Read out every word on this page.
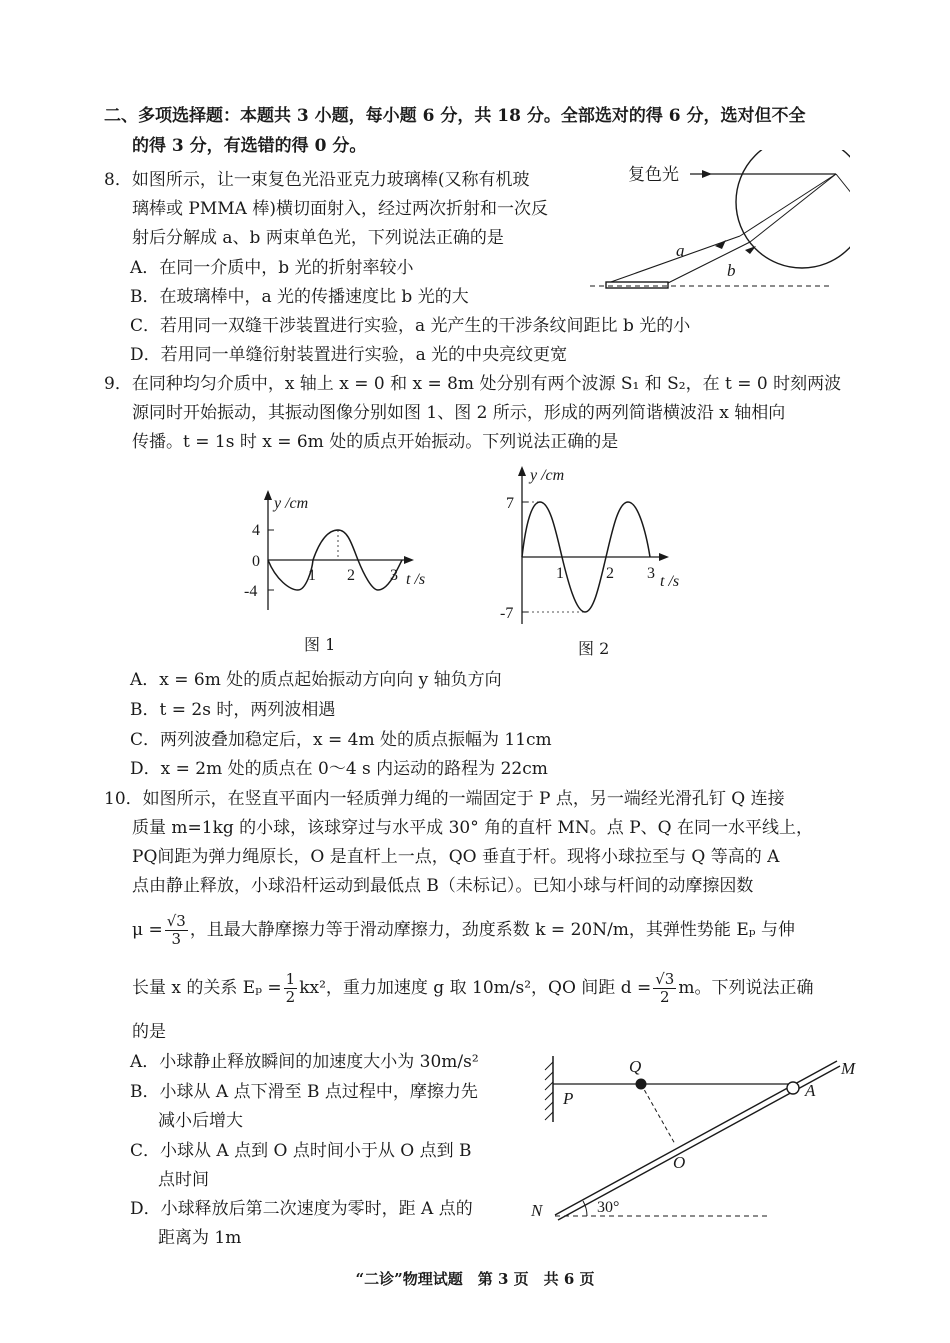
二、多项选择题：本题共 3 小题，每小题 6 分，共 18 分。全部选对的得 6 分，选对但不全
的得 3 分，有选错的得 0 分。
8．如图所示，让一束复色光沿亚克力玻璃棒(又称有机玻
璃棒或 PMMA 棒)横切面射入，经过两次折射和一次反
射后分解成 a、b 两束单色光，下列说法正确的是
A．在同一介质中，b 光的折射率较小
B．在玻璃棒中，a 光的传播速度比 b 光的大
C．若用同一双缝干涉装置进行实验，a 光产生的干涉条纹间距比 b 光的小
D．若用同一单缝衍射装置进行实验，a 光的中央亮纹更宽
复色光
a
b
9．在同种均匀介质中，x 轴上 x = 0 和 x = 8m 处分别有两个波源 S₁ 和 S₂，在 t = 0 时刻两波
源同时开始振动，其振动图像分别如图 1、图 2 所示，形成的两列简谐横波沿 x 轴相向
传播。t = 1s 时 x = 6m 处的质点开始振动。下列说法正确的是
y /cm
t /s
4
0
-4
1 2 3
图 1
y /cm
t /s
7
-7
1	2 3
图 2
A．x = 6m 处的质点起始振动方向向 y 轴负方向
B．t = 2s 时，两列波相遇
C．两列波叠加稳定后，x = 4m 处的质点振幅为 11cm
D．x = 2m 处的质点在 0～4 s 内运动的路程为 22cm
10．如图所示，在竖直平面内一轻质弹力绳的一端固定于 P 点，另一端经光滑孔钉 Q 连接
质量 m=1kg 的小球，该球穿过与水平成 30° 角的直杆 MN。点 P、Q 在同一水平线上，
PQ间距为弹力绳原长，O 是直杆上一点，QO 垂直于杆。现将小球拉至与 Q 等高的 A
点由静止释放，小球沿杆运动到最低点 B（未标记）。已知小球与杆间的动摩擦因数
$\mu = \frac{√3}{3}$ ，且最大静摩擦力等于滑动摩擦力，劲度系数 k = 20N/m，其弹性势能 Eₚ 与伸
长量 x 的关系 $E_p = \frac{1}{2} kx^2$，重力加速度 g 取 10m/s²，QO 间距 $d = \frac{√3}{2}$ m。下列说法正确
的是
A．小球静止释放瞬间的加速度大小为 30m/s²
B．小球从 A 点下滑至 B 点过程中，摩擦力先
减小后增大
C．小球从 A 点到 O 点时间小于从 O 点到 B
点时间
D．小球释放后第二次速度为零时，距 A 点的
距离为 1m
P
Q
A
M
O
N	30°
“二诊”物理试题　第 3 页　共 6 页
